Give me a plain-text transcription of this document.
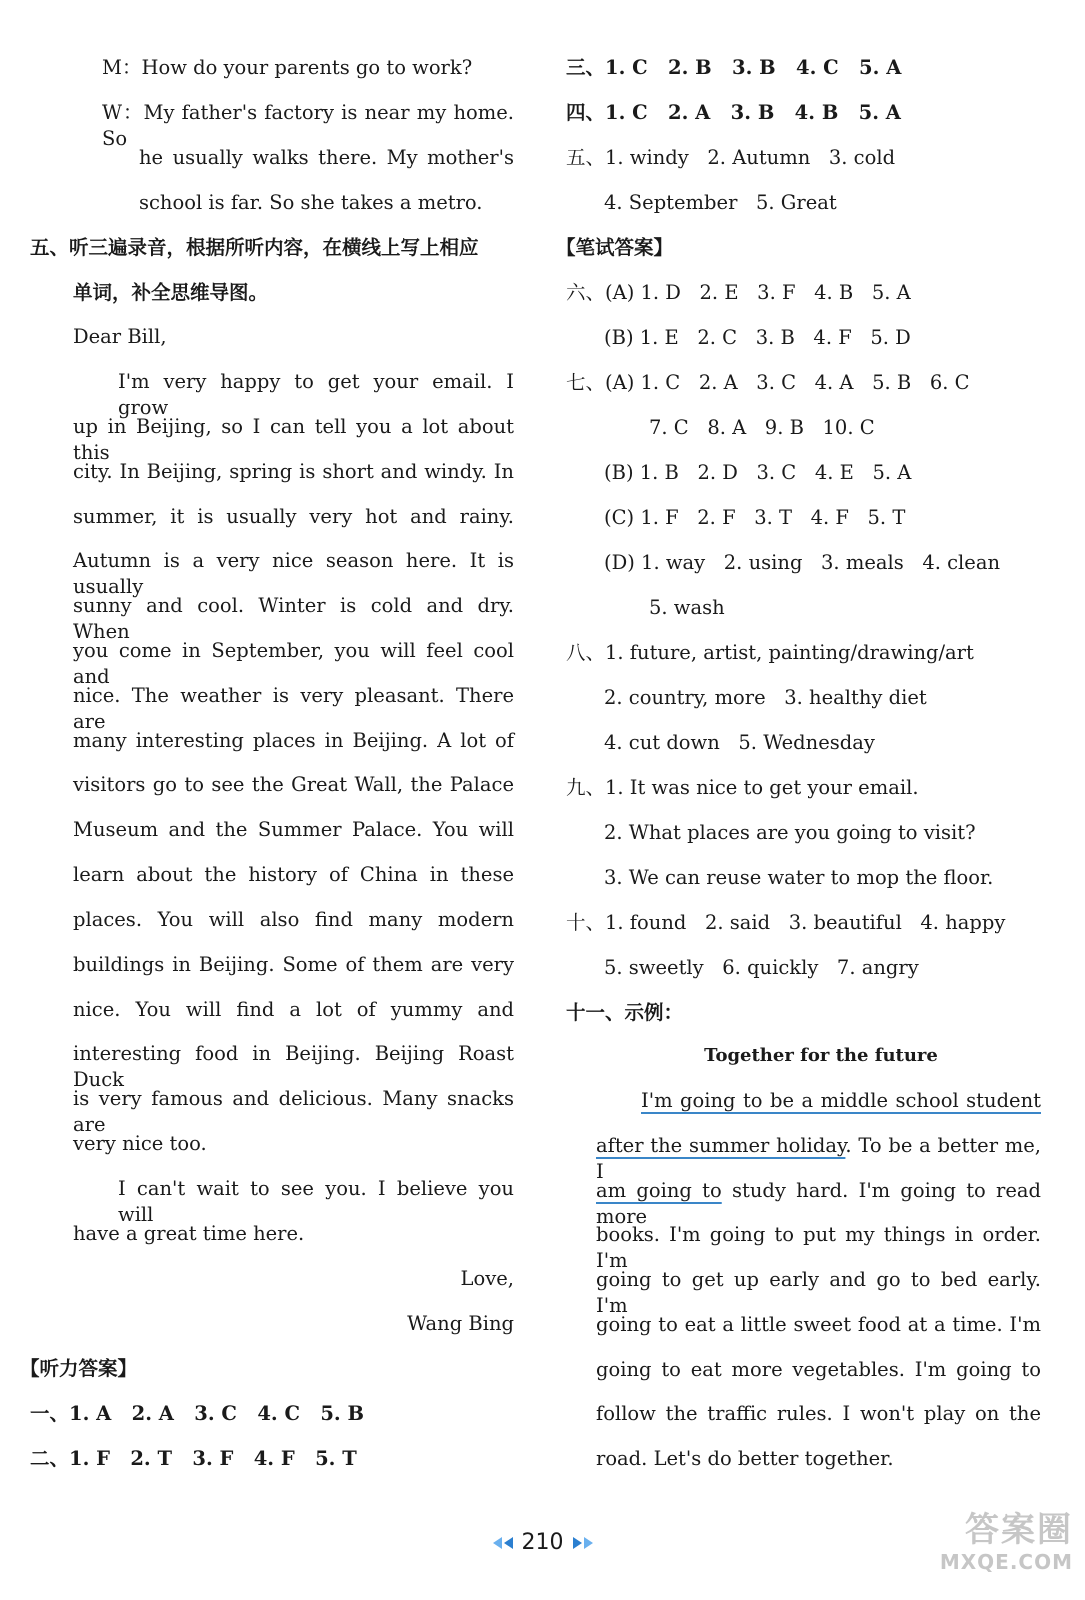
M：How do your parents go to work?
W：My father's factory is near my home. So
he usually walks there. My mother's
school is far. So she takes a metro.
五、听三遍录音，根据所听内容，在横线上写上相应
单词，补全思维导图。
Dear Bill,
I'm very happy to get your email. I grow
up in Beijing, so I can tell you a lot about this
city. In Beijing, spring is short and windy. In
summer, it is usually very hot and rainy.
Autumn is a very nice season here. It is usually
sunny and cool. Winter is cold and dry. When
you come in September, you will feel cool and
nice. The weather is very pleasant. There are
many interesting places in Beijing. A lot of
visitors go to see the Great Wall, the Palace
Museum and the Summer Palace. You will
learn about the history of China in these
places. You will also find many modern
buildings in Beijing. Some of them are very
nice. You will find a lot of yummy and
interesting food in Beijing. Beijing Roast Duck
is very famous and delicious. Many snacks are
very nice too.
I can't wait to see you. I believe you will
have a great time here.
Love,
Wang Bing
【听力答案】
一、1. A   2. A   3. C   4. C   5. B
二、1. F   2. T   3. F   4. F   5. T
三、1. C   2. B   3. B   4. C   5. A
四、1. C   2. A   3. B   4. B   5. A
五、1. windy   2. Autumn   3. cold
4. September   5. Great
【笔试答案】
六、(A) 1. D   2. E   3. F   4. B   5. A
(B) 1. E   2. C   3. B   4. F   5. D
七、(A) 1. C   2. A   3. C   4. A   5. B   6. C
7. C   8. A   9. B   10. C
(B) 1. B   2. D   3. C   4. E   5. A
(C) 1. F   2. F   3. T   4. F   5. T
(D) 1. way   2. using   3. meals   4. clean
5. wash
八、1. future, artist, painting/drawing/art
2. country, more   3. healthy diet
4. cut down   5. Wednesday
九、1. It was nice to get your email.
2. What places are you going to visit?
3. We can reuse water to mop the floor.
十、1. found   2. said   3. beautiful   4. happy
5. sweetly   6. quickly   7. angry
十一、示例：
Together for the future
I'm going to be a middle school student
after the summer holiday. To be a better me, I
am going to study hard. I'm going to read more
books. I'm going to put my things in order. I'm
going to get up early and go to bed early. I'm
going to eat a little sweet food at a time. I'm
going to eat more vegetables. I'm going to
follow the traffic rules. I won't play on the
road. Let's do better together.
210	答案圈
MXQE.COM
